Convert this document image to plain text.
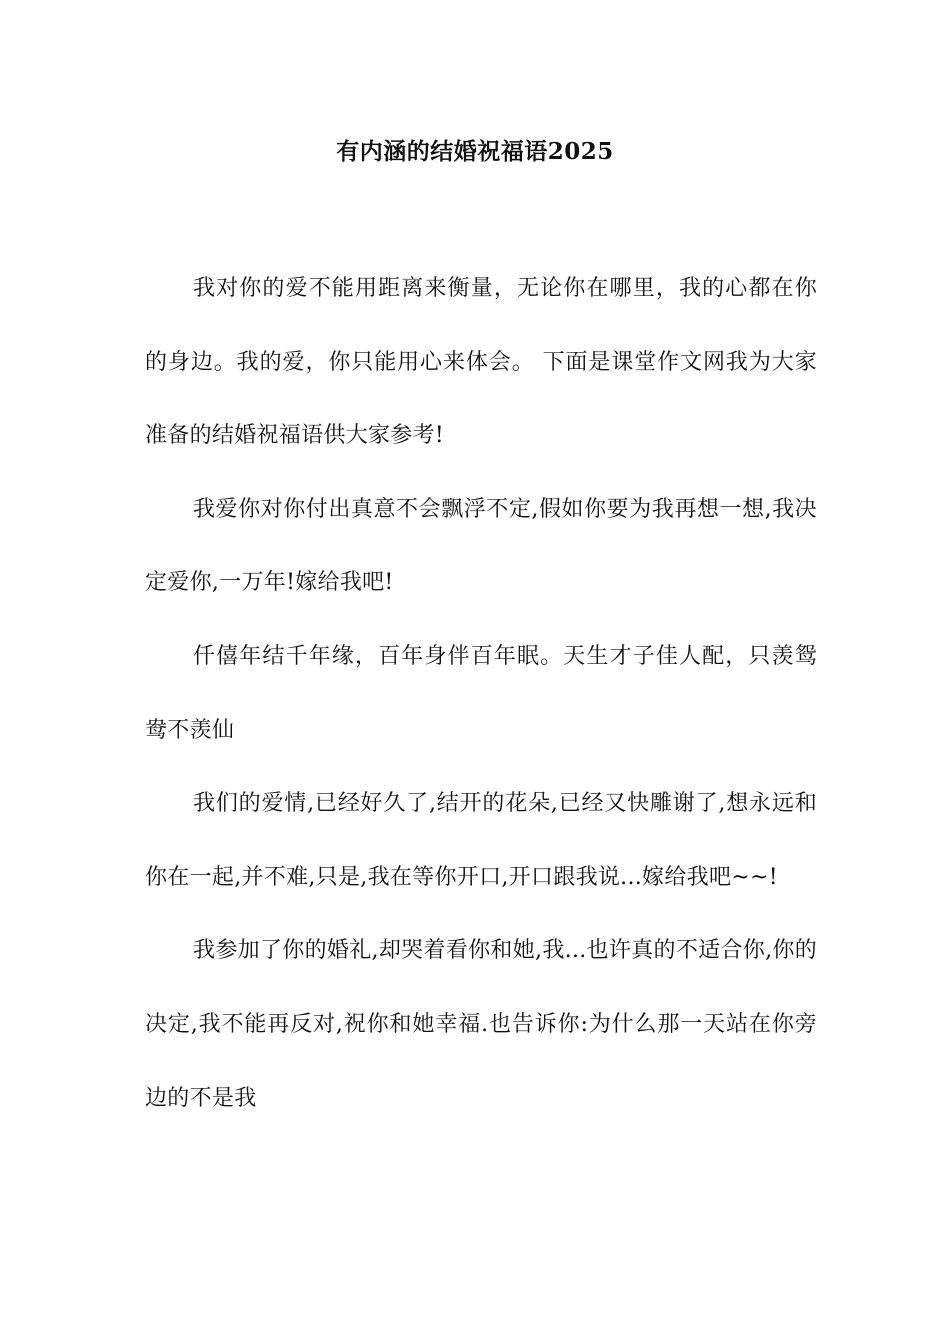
有内涵的结婚祝福语2025

我对你的爱不能用距离来衡量，无论你在哪里，我的心都在你的身边。我的爱，你只能用心来体会。 下面是课堂作文网我为大家准备的结婚祝福语供大家参考!

我爱你对你付出真意不会飘浮不定,假如你要为我再想一想,我决定爱你,一万年!嫁给我吧!

仟僖年结千年缘，百年身伴百年眠。天生才子佳人配，只羡鸳鸯不羡仙

我们的爱情,已经好久了,结开的花朵,已经又快雕谢了,想永远和你在一起,并不难,只是,我在等你开口,开口跟我说...嫁给我吧~~!

我参加了你的婚礼,却哭着看你和她,我...也许真的不适合你,你的决定,我不能再反对,祝你和她幸福.也告诉你:为什么那一天站在你旁边的不是我
